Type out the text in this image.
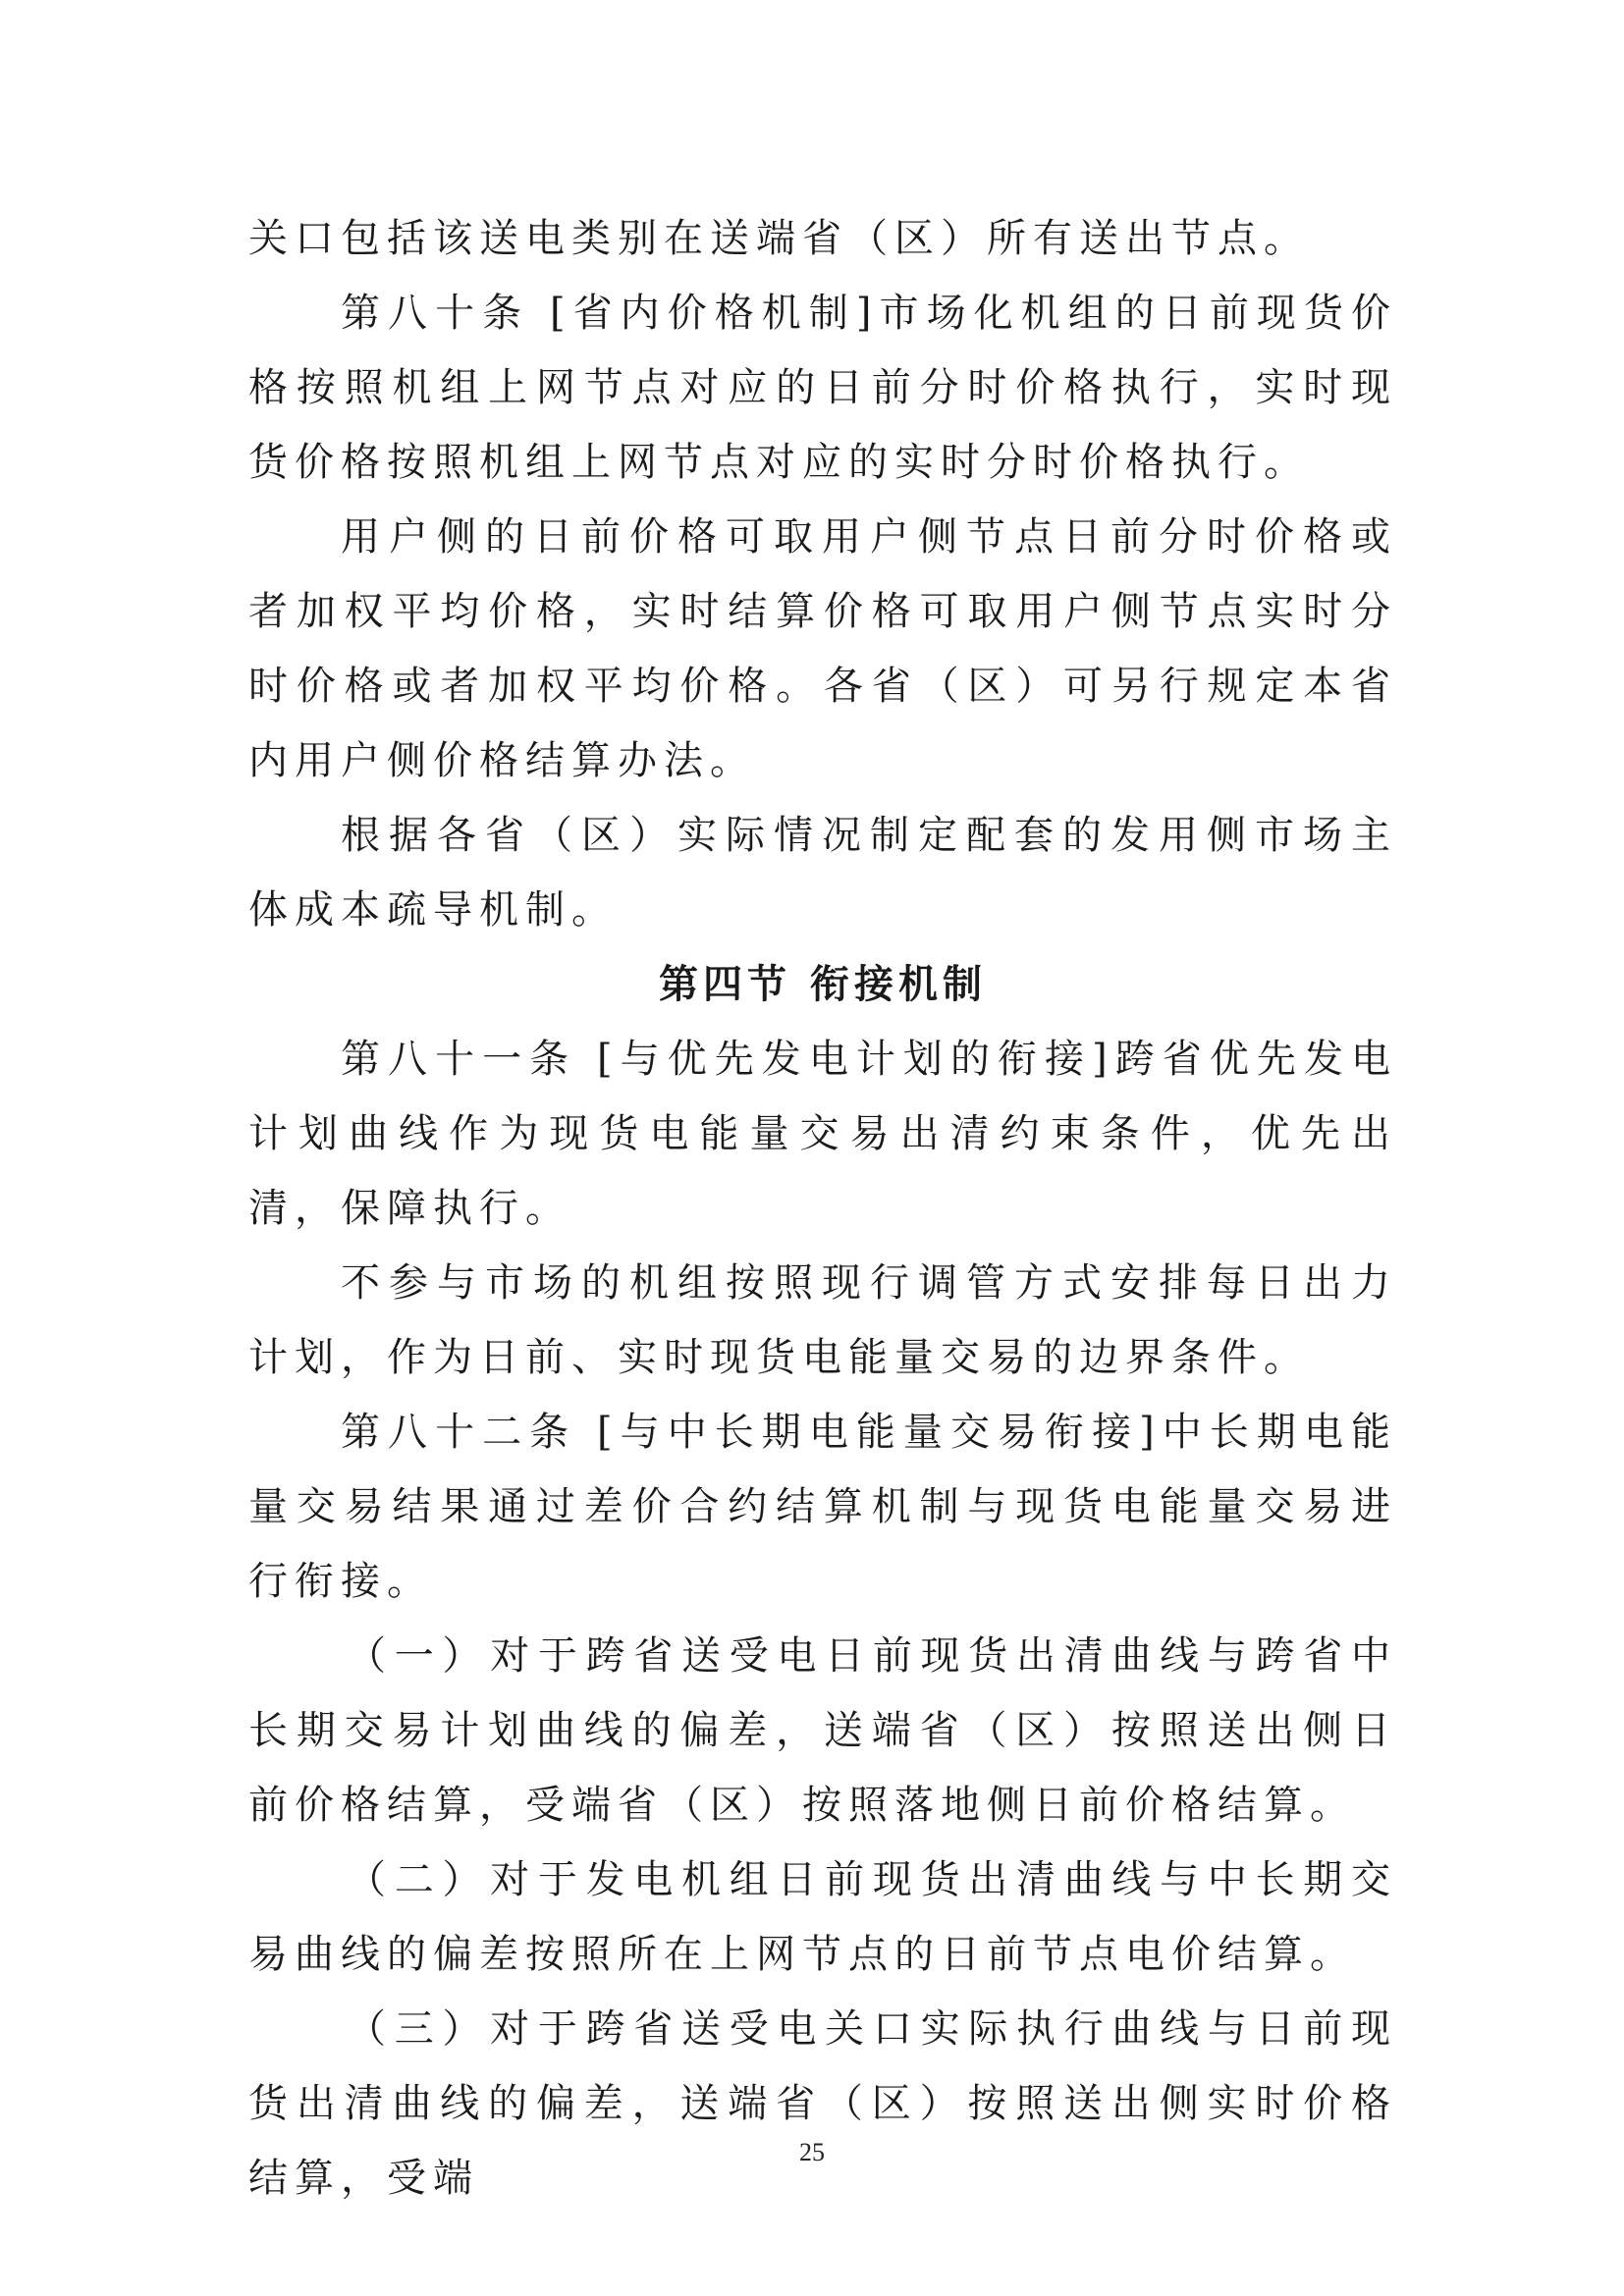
关口包括该送电类别在送端省（区）所有送出节点。

第八十条 [省内价格机制]市场化机组的日前现货价格按照机组上网节点对应的日前分时价格执行，实时现货价格按照机组上网节点对应的实时分时价格执行。

用户侧的日前价格可取用户侧节点日前分时价格或者加权平均价格，实时结算价格可取用户侧节点实时分时价格或者加权平均价格。各省（区）可另行规定本省内用户侧价格结算办法。

根据各省（区）实际情况制定配套的发用侧市场主体成本疏导机制。

第四节 衔接机制

第八十一条 [与优先发电计划的衔接]跨省优先发电计划曲线作为现货电能量交易出清约束条件，优先出清，保障执行。

不参与市场的机组按照现行调管方式安排每日出力计划，作为日前、实时现货电能量交易的边界条件。

第八十二条 [与中长期电能量交易衔接]中长期电能量交易结果通过差价合约结算机制与现货电能量交易进行衔接。

（一）对于跨省送受电日前现货出清曲线与跨省中长期交易计划曲线的偏差，送端省（区）按照送出侧日前价格结算，受端省（区）按照落地侧日前价格结算。

（二）对于发电机组日前现货出清曲线与中长期交易曲线的偏差按照所在上网节点的日前节点电价结算。

（三）对于跨省送受电关口实际执行曲线与日前现货出清曲线的偏差，送端省（区）按照送出侧实时价格结算，受端

25
